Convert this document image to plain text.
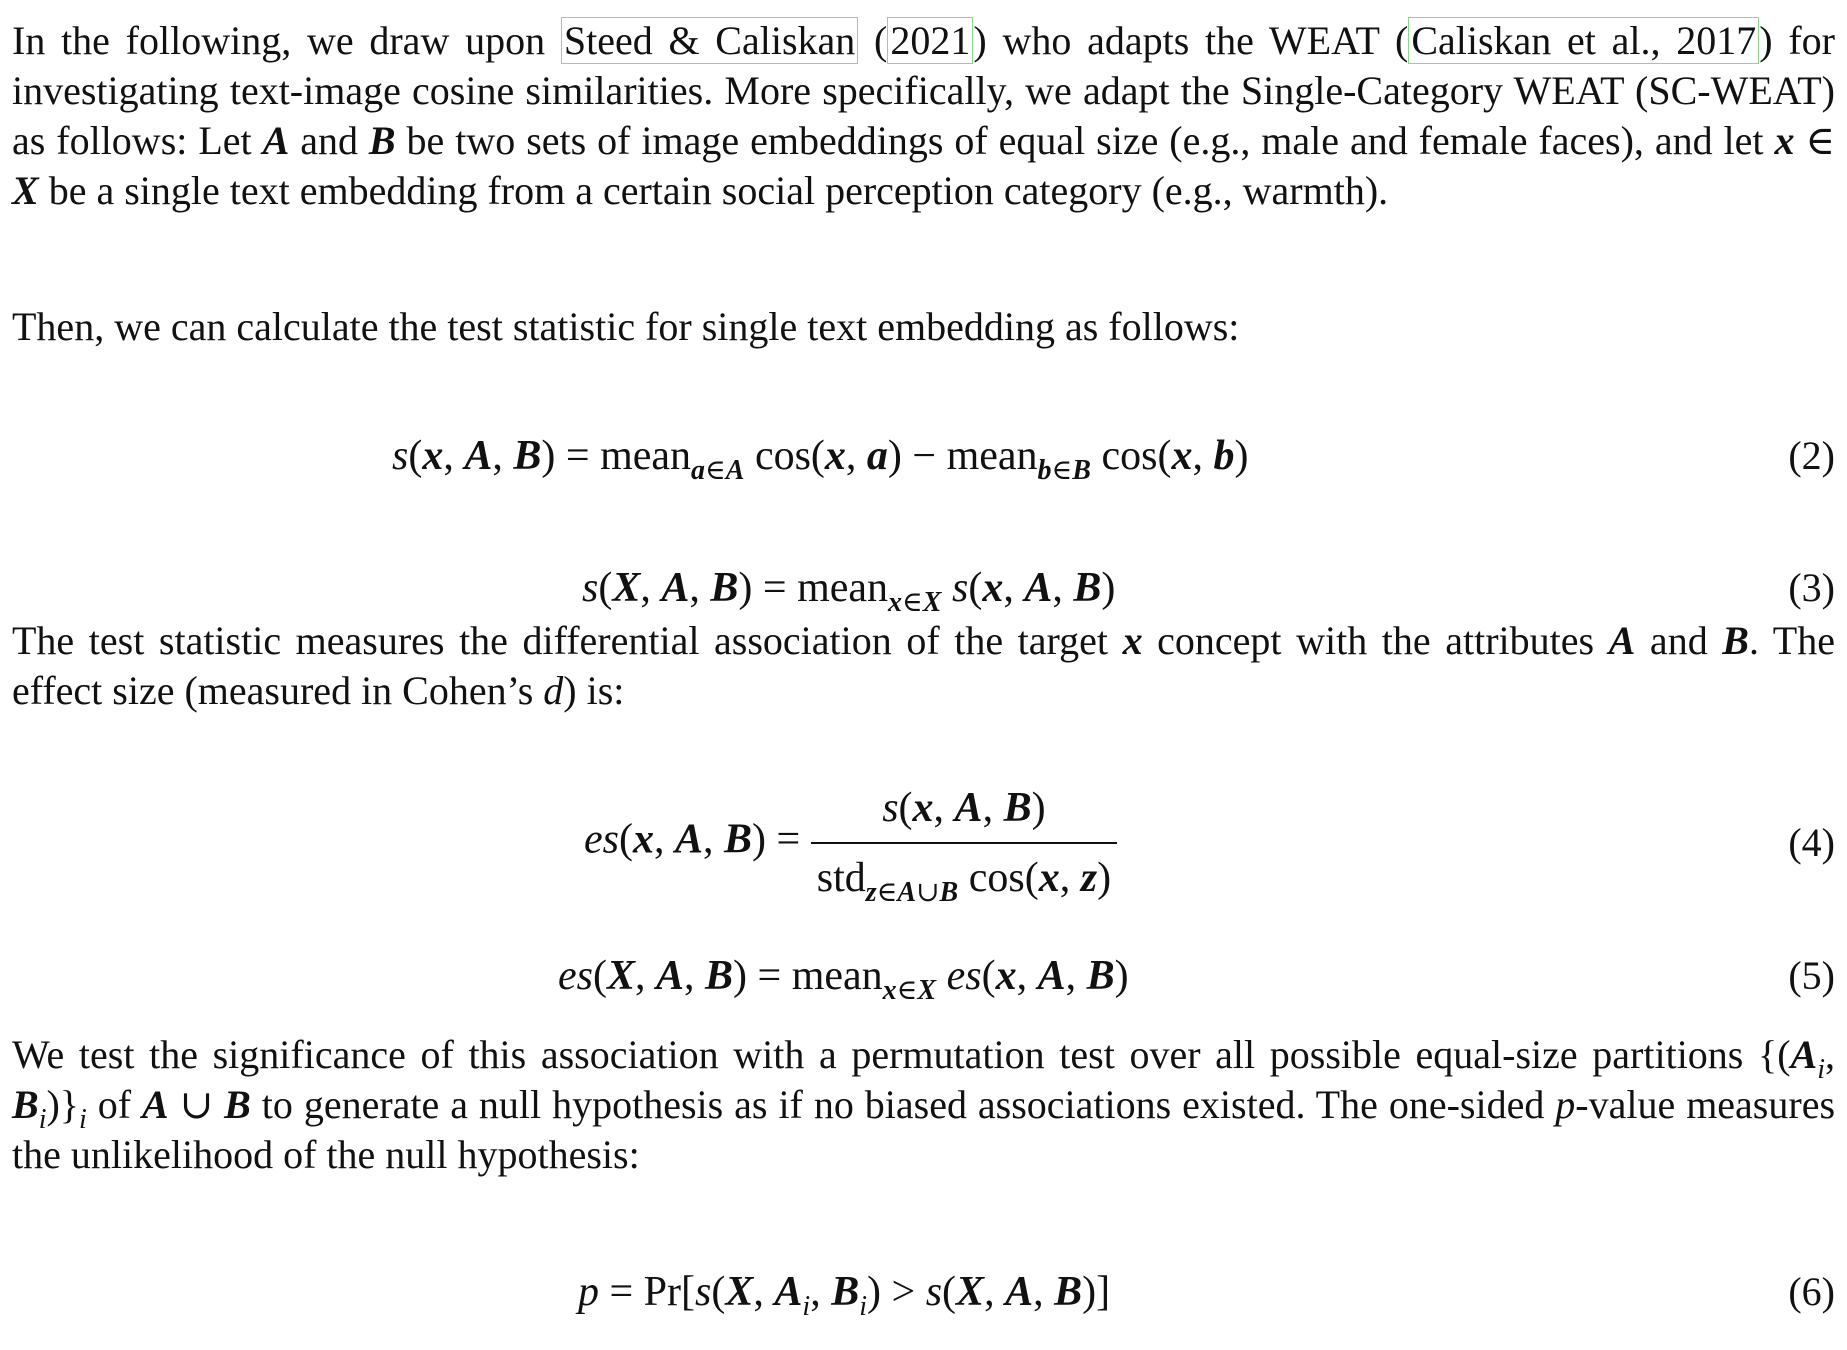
In the following, we draw upon Steed & Caliskan (2021) who adapts the WEAT (Caliskan et al., 2017) for investigating text-image cosine similarities. More specifically, we adapt the Single-Category WEAT (SC-WEAT) as follows: Let A and B be two sets of image embeddings of equal size (e.g., male and female faces), and let x ∈ X be a single text embedding from a certain social perception category (e.g., warmth).

Then, we can calculate the test statistic for single text embedding as follows:

s(x, A, B) = mean$_{a\in A}$ cos(x, a) − mean$_{b\in B}$ cos(x, b)	(2)
s(X, A, B) = mean$_{x\in X}$ s(x, A, B)	(3)

The test statistic measures the differential association of the target x concept with the attributes A and B. The effect size (measured in Cohen’s d) is:

es(x, A, $B) = \frac{s(x, A, B)}{std_{z\in A\cup B} \cos(x, z)}$	(4)
es(X, A, B) = mean$_{x\in X}$ es(x, A, B)	(5)

We test the significance of this association with a permutation test over all possible equal-size partitions {($A_i$, $B_i)\}_i$ of A ∪ B to generate a null hypothesis as if no biased associations existed. The one-sided p-value measures the unlikelihood of the null hypothesis:

p = Pr[s(X, $A_i$, $B_i) > s(X$, A, B)]	(6)
